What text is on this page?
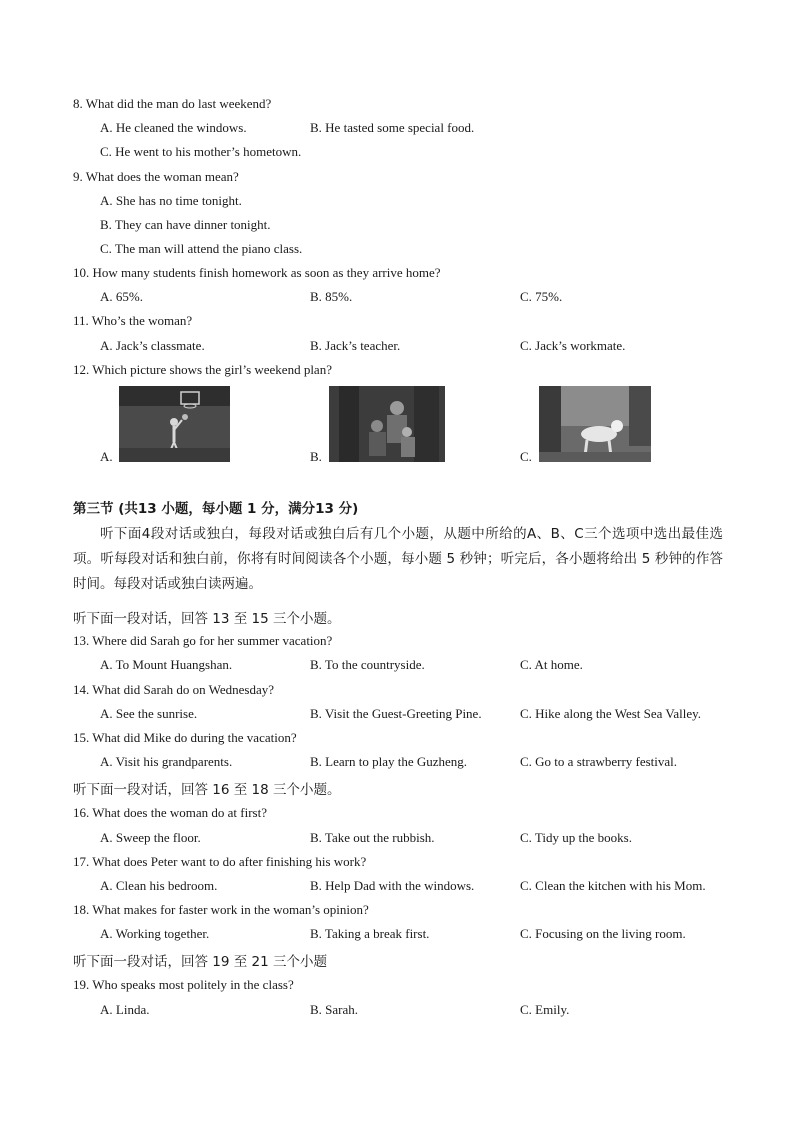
8. What did the man do last weekend?
A. He cleaned the windows.	B. He tasted some special food.
C. He went to his mother’s hometown.
9. What does the woman mean?
A. She has no time tonight.
B. They can have dinner tonight.
C. The man will attend the piano class.
10. How many students finish homework as soon as they arrive home?
A. 65%.	B. 85%.	C. 75%.
11. Who’s the woman?
A. Jack’s classmate.	B. Jack’s teacher.	C. Jack’s workmate.
12. Which picture shows the girl’s weekend plan?
A.	B.	C.
第三节 (共13 小题，每小题 1 分，满分13 分)
听下面4段对话或独白，每段对话或独白后有几个小题，从题中所给的A、B、C三个选项中选出最佳选项。听每段对话和独白前，你将有时间阅读各个小题，每小题 5 秒钟；听完后，各小题将给出 5 秒钟的作答时间。每段对话或独白读两遍。
听下面一段对话，回答 13 至 15 三个小题。
13. Where did Sarah go for her summer vacation?
A. To Mount Huangshan.	B. To the countryside.	C. At home.
14. What did Sarah do on Wednesday?
A. See the sunrise.	B. Visit the Guest-Greeting Pine.	C. Hike along the West Sea Valley.
15. What did Mike do during the vacation?
A. Visit his grandparents.	B. Learn to play the Guzheng.	C. Go to a strawberry festival.
听下面一段对话，回答 16 至 18 三个小题。
16. What does the woman do at first?
A. Sweep the floor.	B. Take out the rubbish.	C. Tidy up the books.
17. What does Peter want to do after finishing his work?
A. Clean his bedroom.	B. Help Dad with the windows.	C. Clean the kitchen with his Mom.
18. What makes for faster work in the woman’s opinion?
A. Working together.	B. Taking a break first.	C. Focusing on the living room.
听下面一段对话，回答 19 至 21 三个小题
19. Who speaks most politely in the class?
A. Linda.	B. Sarah.	C. Emily.
